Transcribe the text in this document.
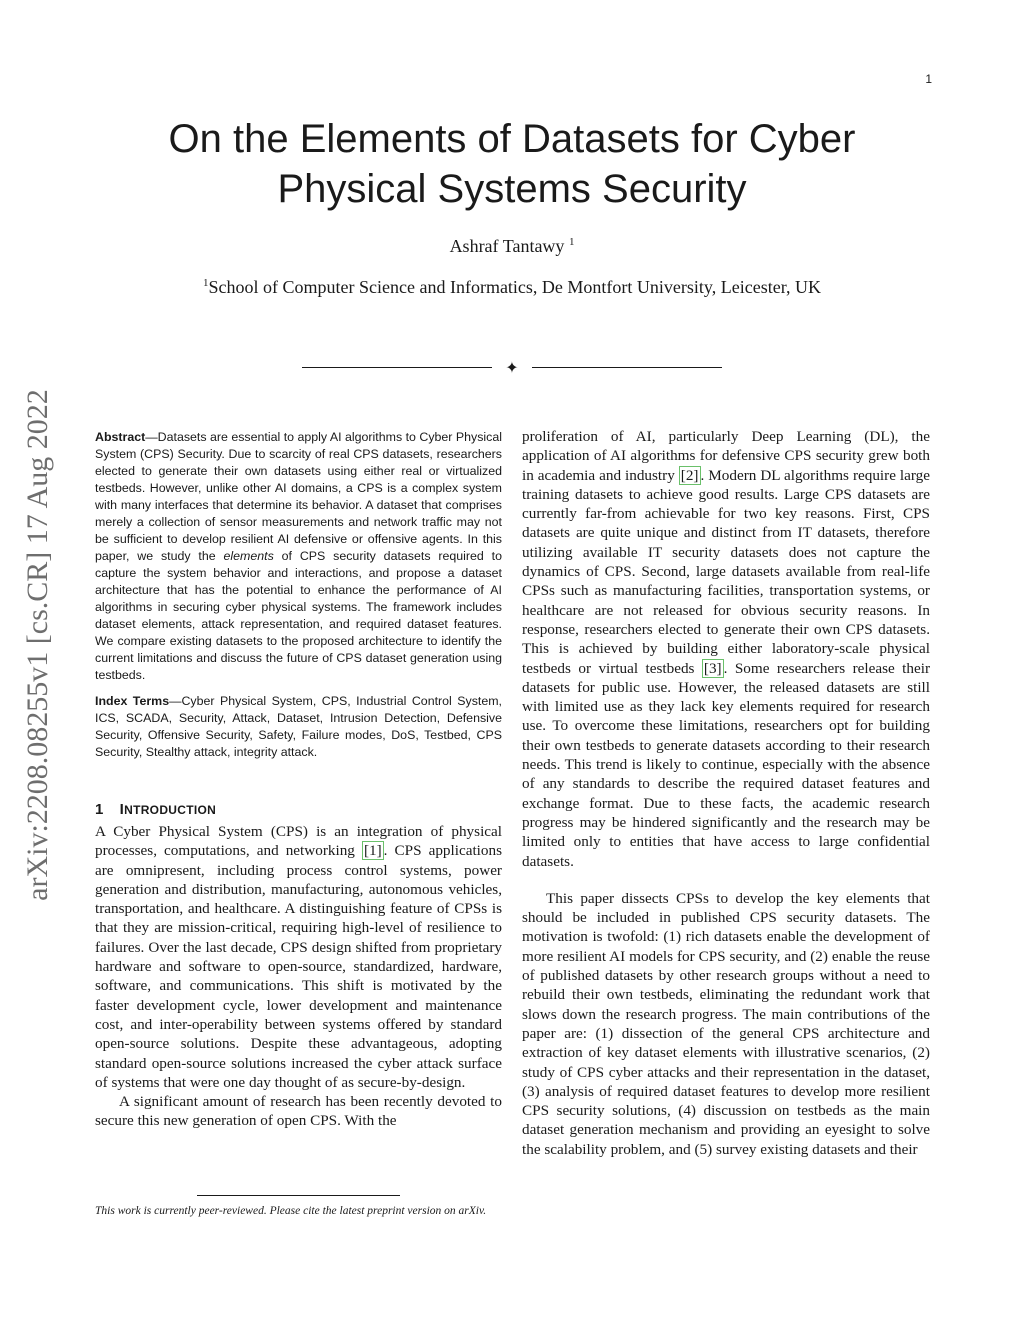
1
arXiv:2208.08255v1 [cs.CR] 17 Aug 2022
On the Elements of Datasets for Cyber Physical Systems Security
Ashraf Tantawy $^1$
$^1$School of Computer Science and Informatics, De Montfort University, Leicester, UK
✦

Abstract—Datasets are essential to apply AI algorithms to Cyber Physical System (CPS) Security. Due to scarcity of real CPS datasets, researchers elected to generate their own datasets using either real or virtualized testbeds. However, unlike other AI domains, a CPS is a complex system with many interfaces that determine its behavior. A dataset that comprises merely a collection of sensor measurements and network traffic may not be sufficient to develop resilient AI defensive or offensive agents. In this paper, we study the elements of CPS security datasets required to capture the system behavior and interactions, and propose a dataset architecture that has the potential to enhance the performance of AI algorithms in securing cyber physical systems. The framework includes dataset elements, attack representation, and required dataset features. We compare existing datasets to the proposed architecture to identify the current limitations and discuss the future of CPS dataset generation using testbeds.

Index Terms—Cyber Physical System, CPS, Industrial Control System, ICS, SCADA, Security, Attack, Dataset, Intrusion Detection, Defensive Security, Offensive Security, Safety, Failure modes, DoS, Testbed, CPS Security, Stealthy attack, integrity attack.

1 INTRODUCTION

A Cyber Physical System (CPS) is an integration of physical processes, computations, and networking [1] . CPS applications are omnipresent, including process control systems, power generation and distribution, manufacturing, autonomous vehicles, transportation, and healthcare. A distinguishing feature of CPSs is that they are mission-critical, requiring high-level of resilience to failures. Over the last decade, CPS design shifted from proprietary hardware and software to open-source, standardized, hardware, software, and communications. This shift is motivated by the faster development cycle, lower development and maintenance cost, and inter-operability between systems offered by standard open-source solutions. Despite these advantageous, adopting standard open-source solutions increased the cyber attack surface of systems that were one day thought of as secure-by-design.

A significant amount of research has been recently devoted to secure this new generation of open CPS. With the

This work is currently peer-reviewed. Please cite the latest preprint version on arXiv.

proliferation of AI, particularly Deep Learning (DL), the application of AI algorithms for defensive CPS security grew both in academia and industry [2] . Modern DL algorithms require large training datasets to achieve good results. Large CPS datasets are currently far-from achievable for two key reasons. First, CPS datasets are quite unique and distinct from IT datasets, therefore utilizing available IT security datasets does not capture the dynamics of CPS. Second, large datasets available from real-life CPSs such as manufacturing facilities, transportation systems, or healthcare are not released for obvious security reasons. In response, researchers elected to generate their own CPS datasets. This is achieved by building either laboratory-scale physical testbeds or virtual testbeds [3] . Some researchers release their datasets for public use. However, the released datasets are still with limited use as they lack key elements required for research use. To overcome these limitations, researchers opt for building their own testbeds to generate datasets according to their research needs. This trend is likely to continue, especially with the absence of any standards to describe the required dataset features and exchange format. Due to these facts, the academic research progress may be hindered significantly and the research may be limited only to entities that have access to large confidential datasets.

This paper dissects CPSs to develop the key elements that should be included in published CPS security datasets. The motivation is twofold: (1) rich datasets enable the development of more resilient AI models for CPS security, and (2) enable the reuse of published datasets by other research groups without a need to rebuild their own testbeds, eliminating the redundant work that slows down the research progress. The main contributions of the paper are: (1) dissection of the general CPS architecture and extraction of key dataset elements with illustrative scenarios, (2) study of CPS cyber attacks and their representation in the dataset, (3) analysis of required dataset features to develop more resilient CPS security solutions, (4) discussion on testbeds as the main dataset generation mechanism and providing an eyesight to solve the scalability problem, and (5) survey existing datasets and their
